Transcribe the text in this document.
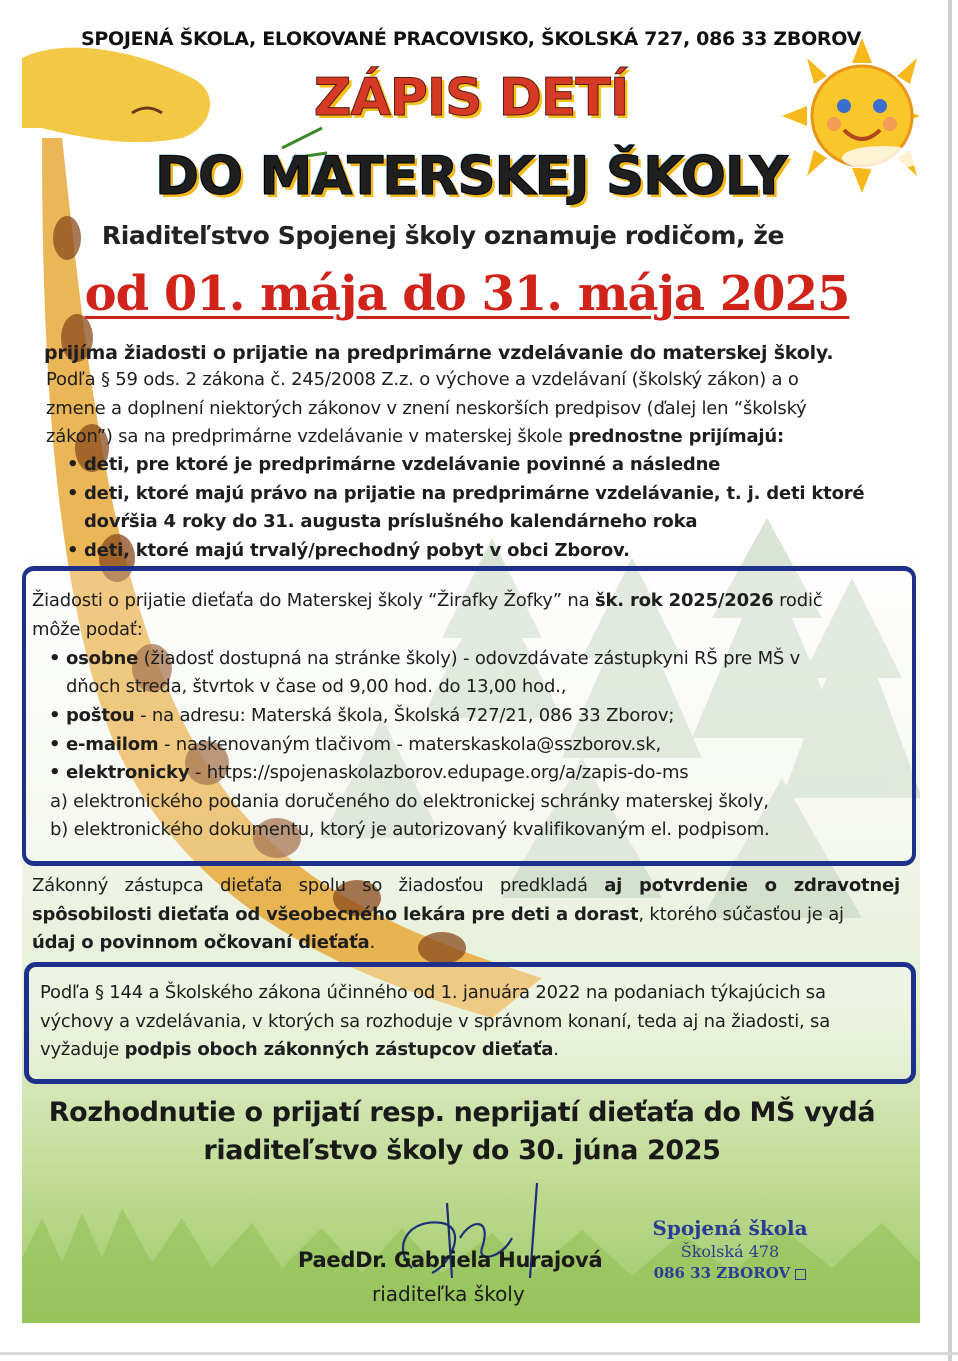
SPOJENÁ ŠKOLA, ELOKOVANÉ PRACOVISKO, ŠKOLSKÁ 727, 086 33 ZBOROV
ZÁPIS DETÍ
DO MATERSKEJ ŠKOLY
Riaditeľstvo Spojenej školy oznamuje rodičom, že
od 01. mája do 31. mája 2025
prijíma žiadosti o prijatie na predprimárne vzdelávanie do materskej školy.
Podľa § 59 ods. 2 zákona č. 245/2008 Z.z. o výchove a vzdelávaní (školský zákon) a o
zmene a doplnení niektorých zákonov v znení neskorších predpisov (ďalej len “školský
zákon”) sa na predprimárne vzdelávanie v materskej škole prednostne prijímajú:
• deti, pre ktoré je predprimárne vzdelávanie povinné a následne
• deti, ktoré majú právo na prijatie na predprimárne vzdelávanie, t. j. deti ktoré
dovŕšia 4 roky do 31. augusta príslušného kalendárneho roka
• deti, ktoré majú trvalý/prechodný pobyt v obci Zborov.
Žiadosti o prijatie dieťaťa do Materskej školy “Žirafky Žofky” na šk. rok 2025/2026 rodič
môže podať:
• osobne (žiadosť dostupná na stránke školy) - odovzdávate zástupkyni RŠ pre MŠ v
dňoch streda, štvrtok v čase od 9,00 hod. do 13,00 hod.,
• poštou - na adresu: Materská škola, Školská 727/21, 086 33 Zborov;
• e-mailom - naskenovaným tlačivom - materskaskola@sszborov.sk,
• elektronicky - https://spojenaskolazborov.edupage.org/a/zapis-do-ms
a) elektronického podania doručeného do elektronickej schránky materskej školy,
b) elektronického dokumentu, ktorý je autorizovaný kvalifikovaným el. podpisom.
Zákonný zástupca dieťaťa spolu so žiadosťou predkladá aj potvrdenie o zdravotnej
spôsobilosti dieťaťa od všeobecného lekára pre deti a dorast, ktorého súčasťou je aj
údaj o povinnom očkovaní dieťaťa.
Podľa § 144 a Školského zákona účinného od 1. januára 2022 na podaniach týkajúcich sa
výchovy a vzdelávania, v ktorých sa rozhoduje v správnom konaní, teda aj na žiadosti, sa
vyžaduje podpis oboch zákonných zástupcov dieťaťa.
Rozhodnutie o prijatí resp. neprijatí dieťaťa do MŠ vydá
riaditeľstvo školy do 30. júna 2025
PaedDr. Gabriela Hurajová
riaditeľka školy
Spojená škola
Školská 478
086 33 ZBOROV
